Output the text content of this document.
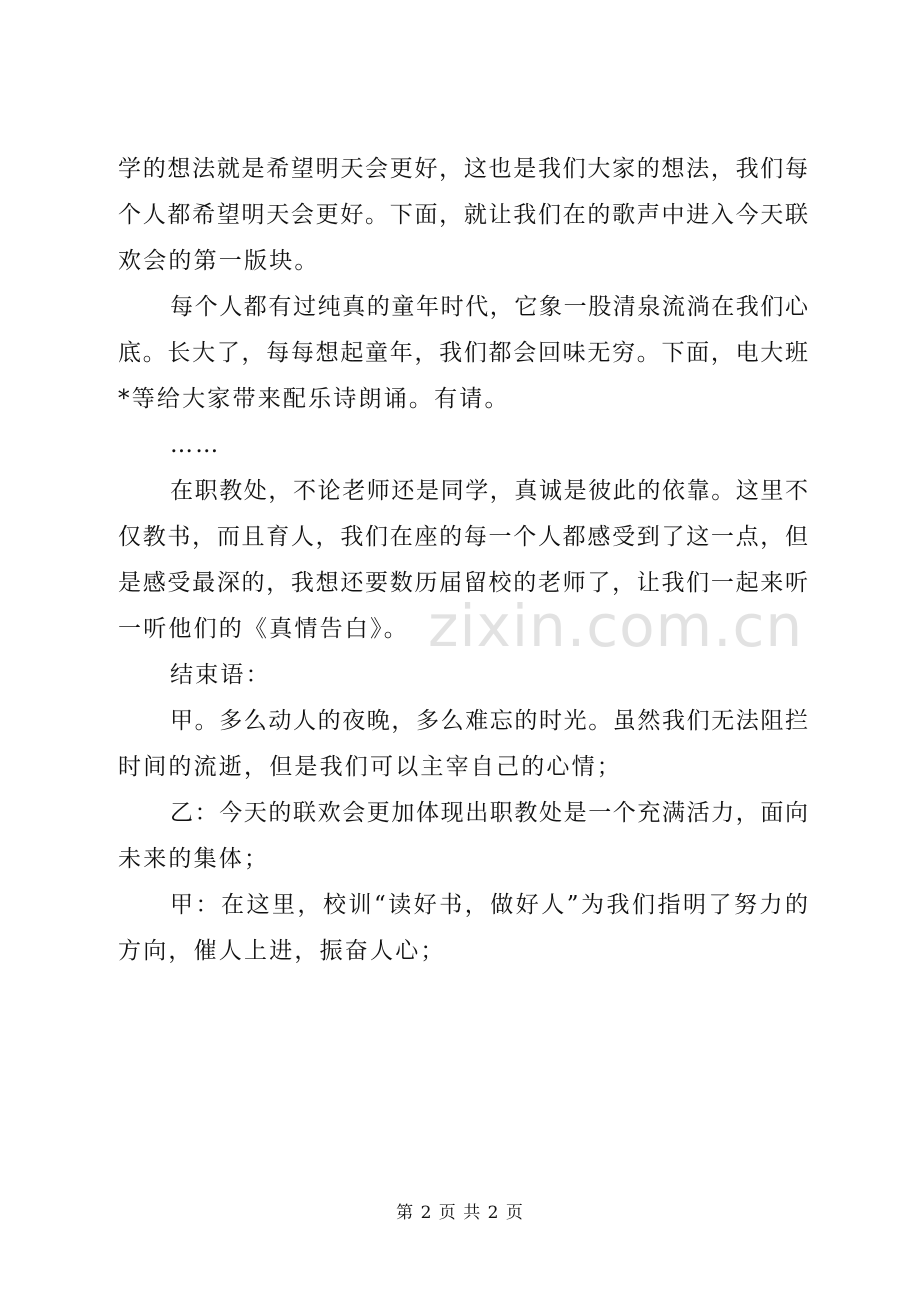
学的想法就是希望明天会更好，这也是我们大家的想法，我们每
个人都希望明天会更好。下面，就让我们在的歌声中进入今天联
欢会的第一版块。
每个人都有过纯真的童年时代，它象一股清泉流淌在我们心
底。长大了，每每想起童年，我们都会回味无穷。下面，电大班
*等给大家带来配乐诗朗诵。有请。
……
在职教处，不论老师还是同学，真诚是彼此的依靠。这里不
仅教书，而且育人，我们在座的每一个人都感受到了这一点，但
是感受最深的，我想还要数历届留校的老师了，让我们一起来听
一听他们的《真情告白》。
结束语：
甲。多么动人的夜晚，多么难忘的时光。虽然我们无法阻拦
时间的流逝，但是我们可以主宰自己的心情；
乙：今天的联欢会更加体现出职教处是一个充满活力，面向
未来的集体；
甲：在这里，校训“读好书，做好人”为我们指明了努力的
方向，催人上进，振奋人心；
zixin.com.cn
第 2 页 共 2 页
